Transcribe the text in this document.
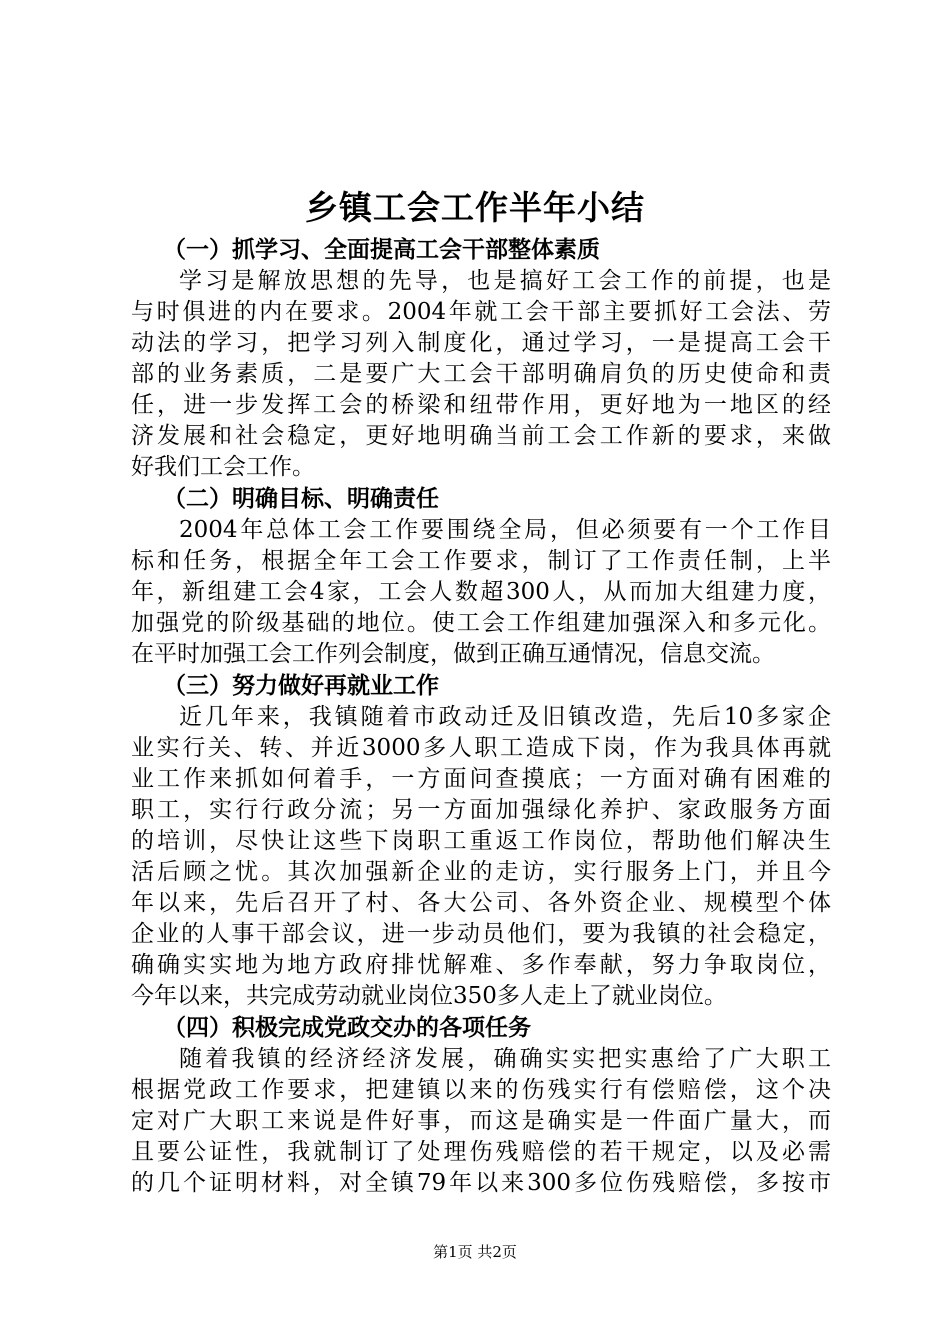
乡镇工会工作半年小结
（一）抓学习、全面提高工会干部整体素质
学习是解放思想的先导，也是搞好工会工作的前提，也是
与时俱进的内在要求。2004年就工会干部主要抓好工会法、劳
动法的学习，把学习列入制度化，通过学习，一是提高工会干
部的业务素质，二是要广大工会干部明确肩负的历史使命和责
任，进一步发挥工会的桥梁和纽带作用，更好地为一地区的经
济发展和社会稳定，更好地明确当前工会工作新的要求，来做
好我们工会工作。
（二）明确目标、明确责任
2004年总体工会工作要围绕全局，但必须要有一个工作目
标和任务，根据全年工会工作要求，制订了工作责任制，上半
年，新组建工会4家，工会人数超300人，从而加大组建力度，
加强党的阶级基础的地位。使工会工作组建加强深入和多元化。
在平时加强工会工作列会制度，做到正确互通情况，信息交流。
（三）努力做好再就业工作
近几年来，我镇随着市政动迁及旧镇改造，先后10多家企
业实行关、转、并近3000多人职工造成下岗，作为我具体再就
业工作来抓如何着手，一方面问查摸底；一方面对确有困难的
职工，实行行政分流；另一方面加强绿化养护、家政服务方面
的培训，尽快让这些下岗职工重返工作岗位，帮助他们解决生
活后顾之忧。其次加强新企业的走访，实行服务上门，并且今
年以来，先后召开了村、各大公司、各外资企业、规模型个体
企业的人事干部会议，进一步动员他们，要为我镇的社会稳定，
确确实实地为地方政府排忧解难、多作奉献，努力争取岗位，
今年以来，共完成劳动就业岗位350多人走上了就业岗位。
（四）积极完成党政交办的各项任务
随着我镇的经济经济发展，确确实实把实惠给了广大职工
根据党政工作要求，把建镇以来的伤残实行有偿赔偿，这个决
定对广大职工来说是件好事，而这是确实是一件面广量大，而
且要公证性，我就制订了处理伤残赔偿的若干规定，以及必需
的几个证明材料，对全镇79年以来300多位伤残赔偿，多按市
第1页 共2页
